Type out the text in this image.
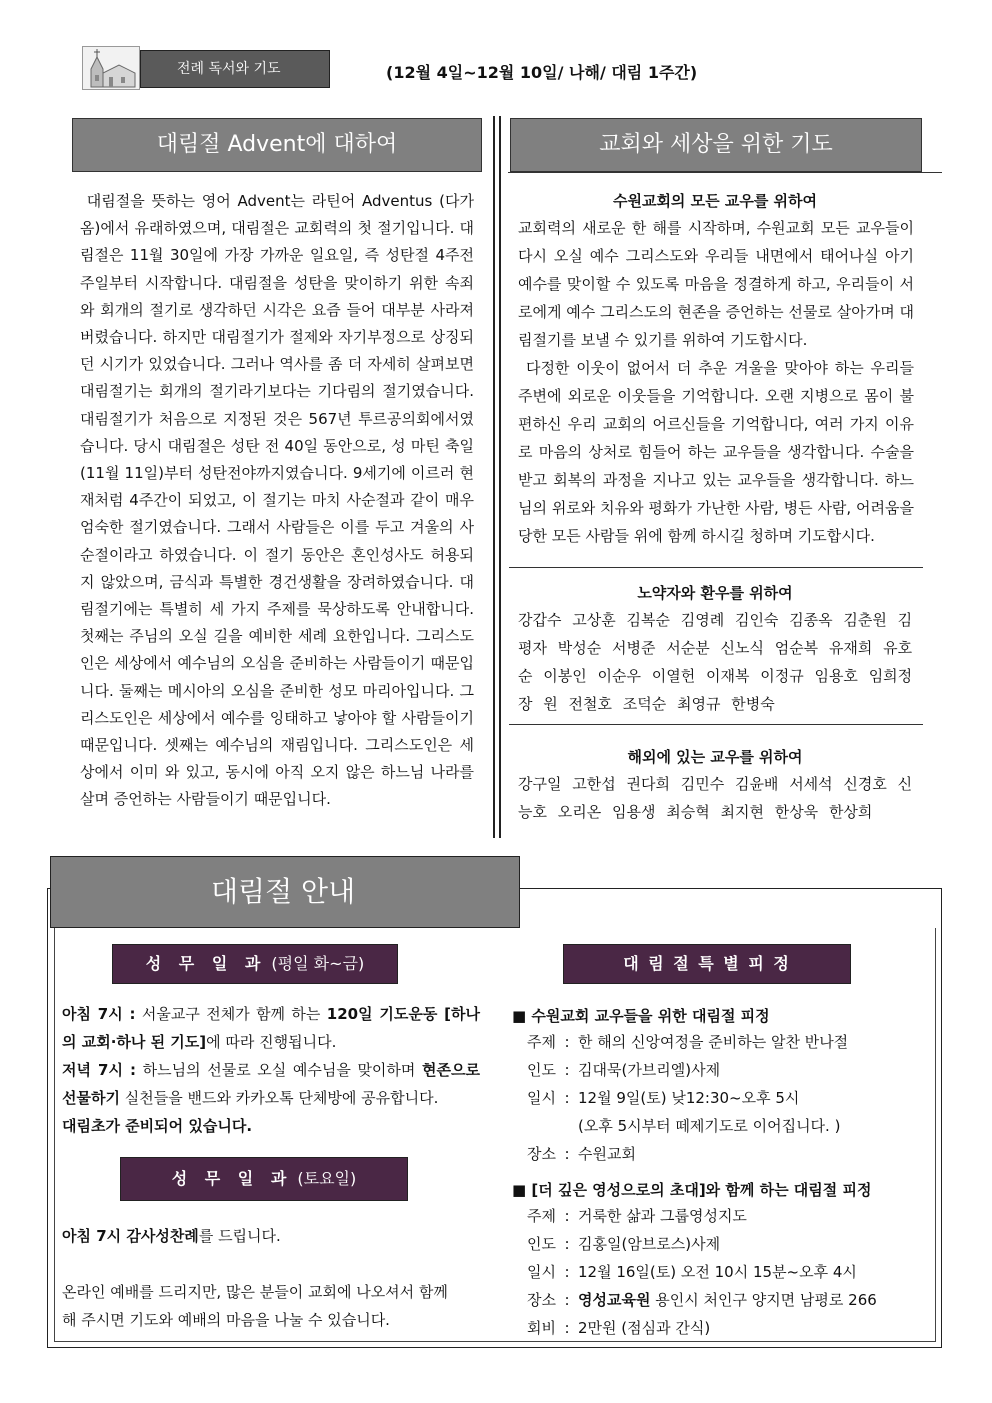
전례 독서와 기도	(12월 4일~12월 10일/ 나해/ 대림 1주간)
대림절 Advent에 대하여
대림절을 뜻하는 영어 Advent는 라틴어 Adventus (다가옴)에서 유래하였으며, 대림절은 교회력의 첫 절기입니다. 대림절은 11월 30일에 가장 가까운 일요일, 즉 성탄절 4주전 주일부터 시작합니다. 대림절을 성탄을 맞이하기 위한 속죄와 회개의 절기로 생각하던 시각은 요즘 들어 대부분 사라져 버렸습니다. 하지만 대림절기가 절제와 자기부정으로 상징되던 시기가 있었습니다. 그러나 역사를 좀 더 자세히 살펴보면 대림절기는 회개의 절기라기보다는 기다림의 절기였습니다. 대림절기가 처음으로 지정된 것은 567년 투르공의회에서였습니다. 당시 대림절은 성탄 전 40일 동안으로, 성 마틴 축일(11월 11일)부터 성탄전야까지였습니다. 9세기에 이르러 현재처럼 4주간이 되었고, 이 절기는 마치 사순절과 같이 매우 엄숙한 절기였습니다. 그래서 사람들은 이를 두고 겨울의 사순절이라고 하였습니다. 이 절기 동안은 혼인성사도 허용되지 않았으며, 금식과 특별한 경건생활을 장려하였습니다. 대림절기에는 특별히 세 가지 주제를 묵상하도록 안내합니다. 첫째는 주님의 오실 길을 예비한 세례 요한입니다. 그리스도인은 세상에서 예수님의 오심을 준비하는 사람들이기 때문입니다. 둘째는 메시아의 오심을 준비한 성모 마리아입니다. 그리스도인은 세상에서 예수를 잉태하고 낳아야 할 사람들이기 때문입니다. 셋째는 예수님의 재림입니다. 그리스도인은 세상에서 이미 와 있고, 동시에 아직 오지 않은 하느님 나라를 살며 증언하는 사람들이기 때문입니다.
교회와 세상을 위한 기도
수원교회의 모든 교우를 위하여
교회력의 새로운 한 해를 시작하며, 수원교회 모든 교우들이 다시 오실 예수 그리스도와 우리들 내면에서 태어나실 아기 예수를 맞이할 수 있도록 마음을 정결하게 하고, 우리들이 서로에게 예수 그리스도의 현존을 증언하는 선물로 살아가며 대림절기를 보낼 수 있기를 위하여 기도합시다.
다정한 이웃이 없어서 더 추운 겨울을 맞아야 하는 우리들 주변에 외로운 이웃들을 기억합니다. 오랜 지병으로 몸이 불편하신 우리 교회의 어르신들을 기억합니다, 여러 가지 이유로 마음의 상처로 힘들어 하는 교우들을 생각합니다. 수술을 받고 회복의 과정을 지나고 있는 교우들을 생각합니다. 하느님의 위로와 치유와 평화가 가난한 사람, 병든 사람, 어려움을 당한 모든 사람들 위에 함께 하시길 청하며 기도합시다.
노약자와 환우를 위하여
강갑수 고상훈 김복순 김영례 김인숙 김종옥 김춘원 김평자 박성순 서병준 서순분 신노식 엄순복 유재희 유호순 이봉인 이순우 이열헌 이재복 이정규 임용호 임희정 장 원 전철호 조덕순 최영규 한병숙
해외에 있는 교우를 위하여
강구일 고한섭 권다희 김민수 김윤배 서세석 신경호 신능호 오리온 임용생 최승혁 최지현 한상욱 한상희
대림절 안내
성 무 일 과 (평일 화~금)
아침 7시 : 서울교구 전체가 함께 하는 120일 기도운동 [하나의 교회·하나 된 기도]에 따라 진행됩니다.
저녁 7시 : 하느님의 선물로 오실 예수님을 맞이하며 현존으로 선물하기 실천들을 밴드와 카카오톡 단체방에 공유합니다.
대림초가 준비되어 있습니다.
성 무 일 과 (토요일)
아침 7시 감사성찬례를 드립니다.
온라인 예배를 드리지만, 많은 분들이 교회에 나오셔서 함께 해 주시면 기도와 예배의 마음을 나눌 수 있습니다.
대 림 절 특 별 피 정
■ 수원교회 교우들을 위한 대림절 피정
주제 : 한 해의 신앙여정을 준비하는 알찬 반나절
인도 : 김대묵(가브리엘)사제
일시 : 12월 9일(토) 낮12:30~오후 5시
(오후 5시부터 떼제기도로 이어집니다. )
장소 : 수원교회
■ [더 깊은 영성으로의 초대]와 함께 하는 대림절 피정
주제 : 거룩한 삶과 그룹영성지도
인도 : 김홍일(암브로스)사제
일시 : 12월 16일(토) 오전 10시 15분~오후 4시
장소 : 영성교육원 용인시 처인구 양지면 남평로 266
회비 : 2만원 (점심과 간식)
